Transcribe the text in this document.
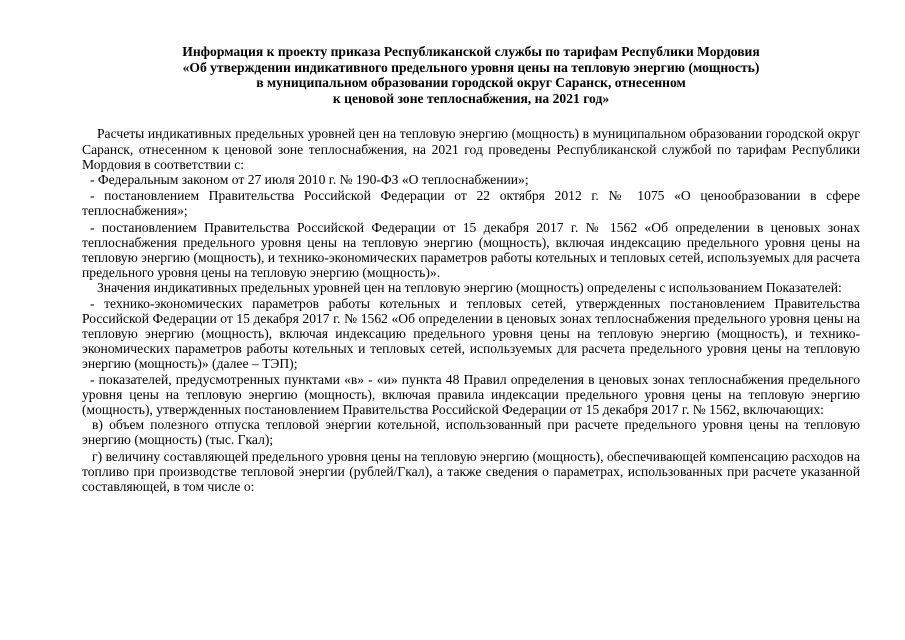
Информация к проекту приказа Республиканской службы по тарифам Республики Мордовия
«Об утверждении индикативного предельного уровня цены на тепловую энергию (мощность)
в муниципальном образовании городской округ Саранск, отнесенном
к ценовой зоне теплоснабжения, на 2021 год»

Расчеты индикативных предельных уровней цен на тепловую энергию (мощность) в муниципальном образовании городской округ Саранск, отнесенном к ценовой зоне теплоснабжения, на 2021 год проведены Республиканской службой по тарифам Республики Мордовия в соответствии с:

- Федеральным законом от 27 июля 2010 г. № 190-ФЗ «О теплоснабжении»;

- постановлением Правительства Российской Федерации от 22 октября 2012 г. № 1075 «О ценообразовании в сфере теплоснабжения»;

- постановлением Правительства Российской Федерации от 15 декабря 2017 г. № 1562 «Об определении в ценовых зонах теплоснабжения предельного уровня цены на тепловую энергию (мощность), включая индексацию предельного уровня цены на тепловую энергию (мощность), и технико-экономических параметров работы котельных и тепловых сетей, используемых для расчета предельного уровня цены на тепловую энергию (мощность)».

Значения индикативных предельных уровней цен на тепловую энергию (мощность) определены с использованием Показателей:

- технико-экономических параметров работы котельных и тепловых сетей, утвержденных постановлением Правительства Российской Федерации от 15 декабря 2017 г. № 1562 «Об определении в ценовых зонах теплоснабжения предельного уровня цены на тепловую энергию (мощность), включая индексацию предельного уровня цены на тепловую энергию (мощность), и технико-экономических параметров работы котельных и тепловых сетей, используемых для расчета предельного уровня цены на тепловую энергию (мощность)» (далее – ТЭП);

- показателей, предусмотренных пунктами «в» - «и» пункта 48 Правил определения в ценовых зонах теплоснабжения предельного уровня цены на тепловую энергию (мощность), включая правила индексации предельного уровня цены на тепловую энергию (мощность), утвержденных постановлением Правительства Российской Федерации от 15 декабря 2017 г. № 1562, включающих:

в) объем полезного отпуска тепловой энергии котельной, использованный при расчете предельного уровня цены на тепловую энергию (мощность) (тыс. Гкал);

г) величину составляющей предельного уровня цены на тепловую энергию (мощность), обеспечивающей компенсацию расходов на топливо при производстве тепловой энергии (рублей/Гкал), а также сведения о параметрах, использованных при расчете указанной составляющей, в том числе о:
